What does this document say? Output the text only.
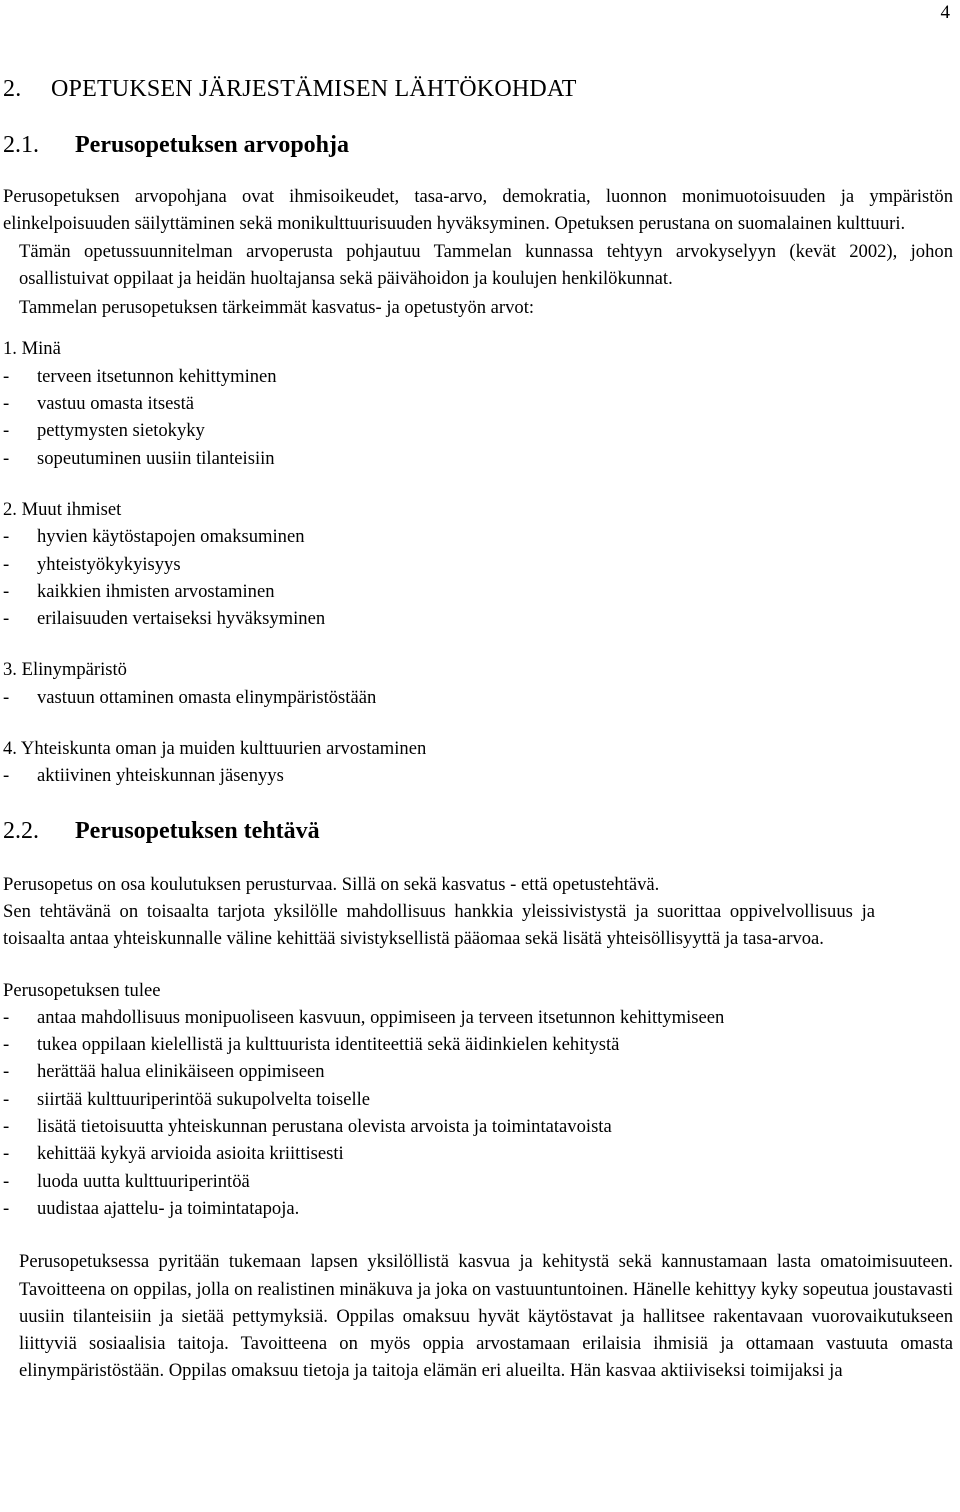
4
2. OPETUKSEN JÄRJESTÄMISEN LÄHTÖKOHDAT
2.1. Perusopetuksen arvopohja

Perusopetuksen arvopohjana ovat ihmisoikeudet, tasa-arvo, demokratia, luonnon monimuotoisuuden ja ympäristön elinkelpoisuuden säilyttäminen sekä monikulttuurisuuden hyväksyminen. Opetuksen perustana on suomalainen kulttuuri.

Tämän opetussuunnitelman arvoperusta pohjautuu Tammelan kunnassa tehtyyn arvokyselyyn (kevät 2002), johon osallistuivat oppilaat ja heidän huoltajansa sekä päivähoidon ja koulujen henkilökunnat.

Tammelan perusopetuksen tärkeimmät kasvatus- ja opetustyön arvot:

1. Minä

-	terveen itsetunnon kehittyminen
-	vastuu omasta itsestä
-	pettymysten sietokyky
-	sopeutuminen uusiin tilanteisiin

2. Muut ihmiset

-	hyvien käytöstapojen omaksuminen
-	yhteistyökykyisyys
-	kaikkien ihmisten arvostaminen
-	erilaisuuden vertaiseksi hyväksyminen

3. Elinympäristö

-	vastuun ottaminen omasta elinympäristöstään

4. Yhteiskunta oman ja muiden kulttuurien arvostaminen

-	aktiivinen yhteiskunnan jäsenyys
2.2. Perusopetuksen tehtävä

Perusopetus on osa koulutuksen perusturvaa. Sillä on sekä kasvatus - että opetustehtävä.

Sen tehtävänä on toisaalta tarjota yksilölle mahdollisuus hankkia yleissivistystä ja suorittaa oppivelvollisuus ja toisaalta antaa yhteiskunnalle väline kehittää sivistyksellistä pääomaa sekä lisätä yhteisöllisyyttä ja tasa-arvoa.

Perusopetuksen tulee

-	antaa mahdollisuus monipuoliseen kasvuun, oppimiseen ja terveen itsetunnon kehittymiseen
-	tukea oppilaan kielellistä ja kulttuurista identiteettiä sekä äidinkielen kehitystä
-	herättää halua elinikäiseen oppimiseen
-	siirtää kulttuuriperintöä sukupolvelta toiselle
-	lisätä tietoisuutta yhteiskunnan perustana olevista arvoista ja toimintatavoista
-	kehittää kykyä arvioida asioita kriittisesti
-	luoda uutta kulttuuriperintöä
-	uudistaa ajattelu- ja toimintatapoja.

Perusopetuksessa pyritään tukemaan lapsen yksilöllistä kasvua ja kehitystä sekä kannustamaan lasta omatoimisuuteen. Tavoitteena on oppilas, jolla on realistinen minäkuva ja joka on vastuuntuntoinen. Hänelle kehittyy kyky sopeutua joustavasti uusiin tilanteisiin ja sietää pettymyksiä. Oppilas omaksuu hyvät käytöstavat ja hallitsee rakentavaan vuorovaikutukseen liittyviä sosiaalisia taitoja. Tavoitteena on myös oppia arvostamaan erilaisia ihmisiä ja ottamaan vastuuta omasta elinympäristöstään. Oppilas omaksuu tietoja ja taitoja elämän eri alueilta. Hän kasvaa aktiiviseksi toimijaksi ja
